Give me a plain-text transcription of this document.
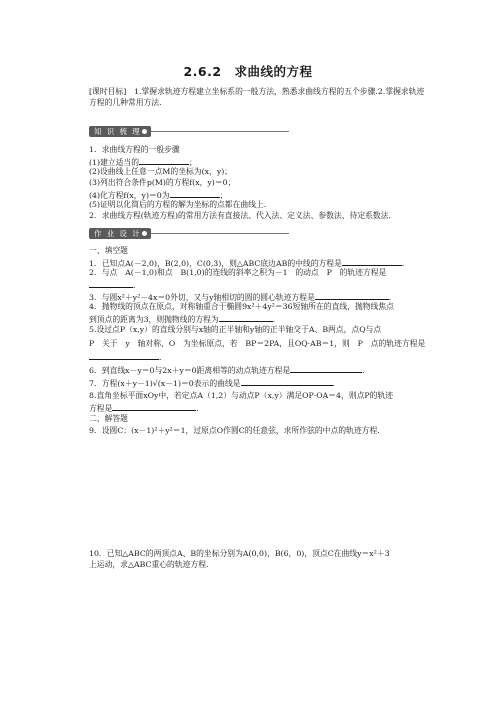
2.6.2　求曲线的方程
[课时目标]　1.掌握求轨迹方程建立坐标系的一般方法，熟悉求曲线方程的五个步骤.2.掌握求轨迹方程的几种常用方法.
知 识 梳 理
1．求曲线方程的一般步骤
(1)建立适当的	；
(2)设曲线上任意一点M的坐标为(x，y)；
(3)列出符合条件p(M)的方程f(x，y)＝0；
(4)化方程f(x，y)＝0为	；
(5)证明以化简后的方程的解为坐标的点都在曲线上．
2．求曲线方程(轨迹方程)的常用方法有直接法、代入法、定义法、参数法、待定系数法.
作 业 设 计
一、填空题
1．已知点A(－2,0)，B(2,0)，C(0,3)，则△ABC底边AB的中线的方程是	．
2．与点　A(－1,0)和点　B(1,0)的连线的斜率之积为－1　的动点　P　的轨迹方程是
．
3．与圆x²＋y²－4x＝0外切，又与y轴相切的圆的圆心轨迹方程是	．
4．抛物线的顶点在原点，对称轴重合于椭圆9x²＋4y²＝36短轴所在的直线，抛物线焦点
到顶点的距离为3，则抛物线的方程为	．
5.设过点P（x,y）的直线分别与x轴的正半轴和y轴的正半轴交于A、B两点，点Q与点
P　关于　y　轴对称，O　为坐标原点，若　BP＝2PA，且OQ·AB＝1，则　P　点的轨迹方程是
．
6．到直线x－y＝0与2x＋y＝0距离相等的动点轨迹方程是	．
7．方程(x＋y－1)√(x－1)＝0表示的曲线是	．
8.直角坐标平面xOy中，若定点A（1,2）与动点P（x,y）满足OP·OA＝4，则点P的轨迹
方程是	．
二、解答题
9．设圆C：(x－1)²＋y²＝1，过原点O作圆C的任意弦，求所作弦的中点的轨迹方程.
10．已知△ABC的两顶点A、B的坐标分别为A(0,0)，B(6，0)，顶点C在曲线y＝x²＋3
上运动，求△ABC重心的轨迹方程.
